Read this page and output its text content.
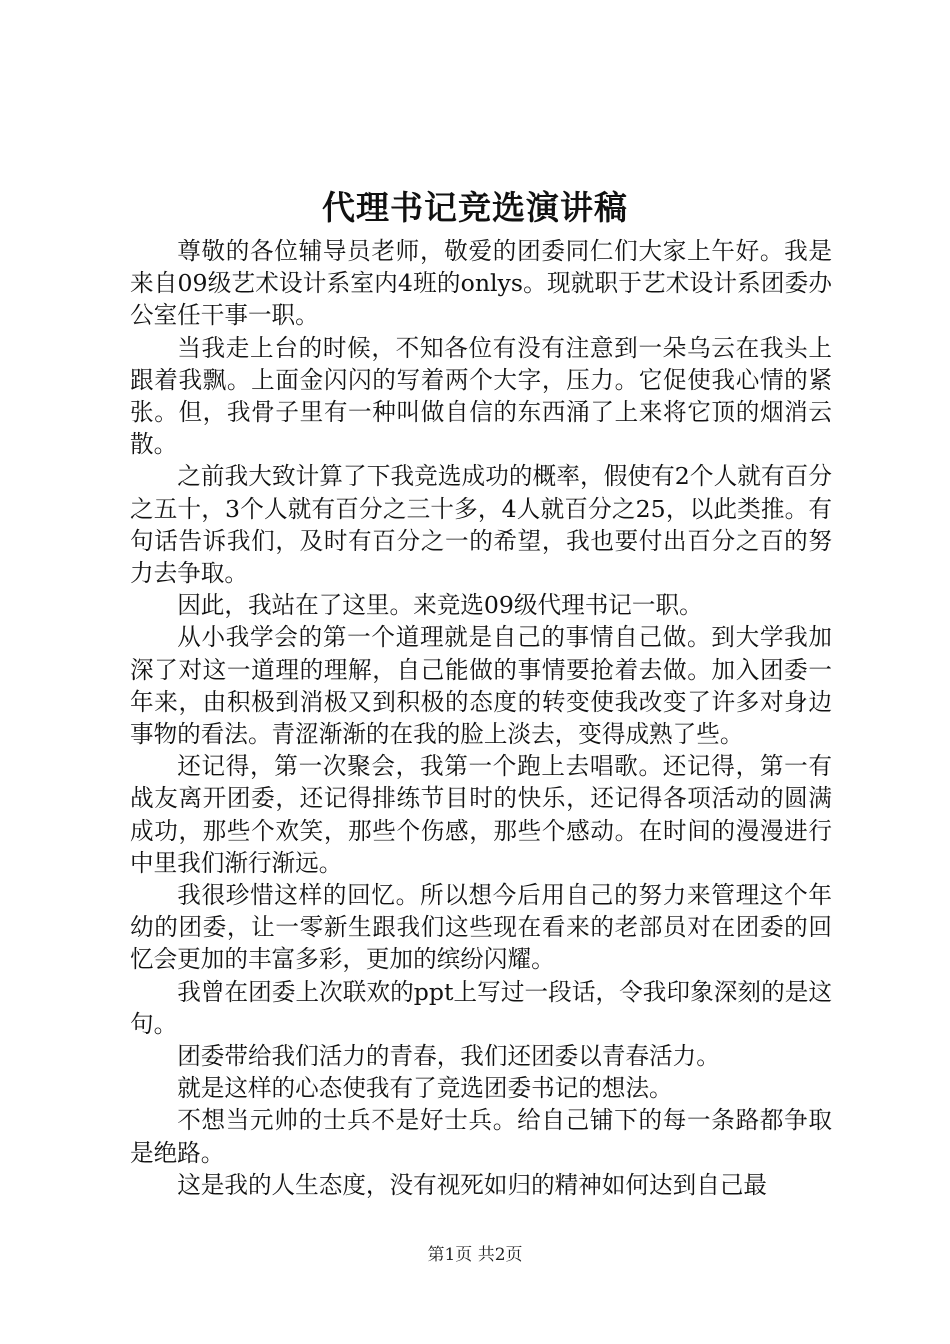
代理书记竞选演讲稿

尊敬的各位辅导员老师，敬爱的团委同仁们大家上午好。我是来自09级艺术设计系室内4班的onlys。现就职于艺术设计系团委办公室任干事一职。

当我走上台的时候，不知各位有没有注意到一朵乌云在我头上跟着我飘。上面金闪闪的写着两个大字，压力。它促使我心情的紧张。但，我骨子里有一种叫做自信的东西涌了上来将它顶的烟消云散。

之前我大致计算了下我竞选成功的概率，假使有2个人就有百分之五十，3个人就有百分之三十多，4人就百分之25，以此类推。有句话告诉我们，及时有百分之一的希望，我也要付出百分之百的努力去争取。

因此，我站在了这里。来竞选09级代理书记一职。

从小我学会的第一个道理就是自己的事情自己做。到大学我加深了对这一道理的理解，自己能做的事情要抢着去做。加入团委一年来，由积极到消极又到积极的态度的转变使我改变了许多对身边事物的看法。青涩渐渐的在我的脸上淡去，变得成熟了些。

还记得，第一次聚会，我第一个跑上去唱歌。还记得，第一有战友离开团委，还记得排练节目时的快乐，还记得各项活动的圆满成功，那些个欢笑，那些个伤感，那些个感动。在时间的漫漫进行中里我们渐行渐远。

我很珍惜这样的回忆。所以想今后用自己的努力来管理这个年幼的团委，让一零新生跟我们这些现在看来的老部员对在团委的回忆会更加的丰富多彩，更加的缤纷闪耀。

我曾在团委上次联欢的ppt上写过一段话，令我印象深刻的是这句。

团委带给我们活力的青春，我们还团委以青春活力。

就是这样的心态使我有了竞选团委书记的想法。

不想当元帅的士兵不是好士兵。给自己铺下的每一条路都争取是绝路。

这是我的人生态度，没有视死如归的精神如何达到自己最

第1页 共2页
